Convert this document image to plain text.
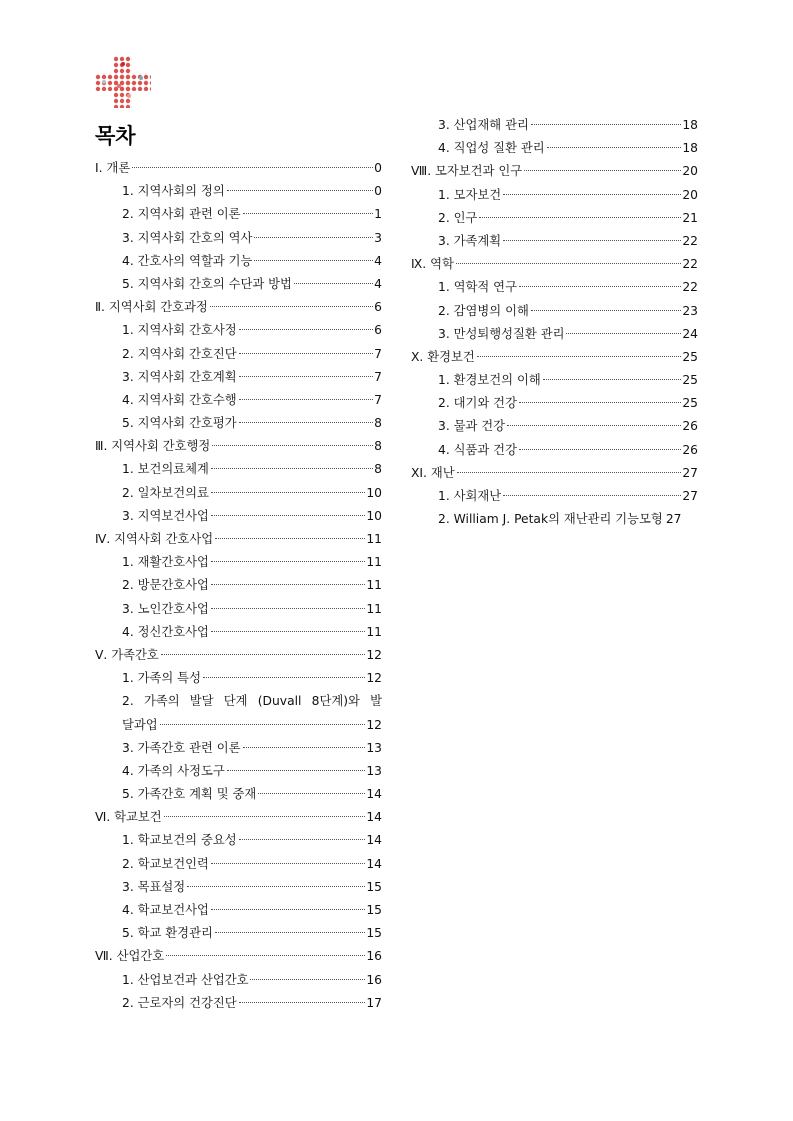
목차
Ⅰ. 개론	0
1. 지역사회의 정의	0
2. 지역사회 관련 이론	1
3. 지역사회 간호의 역사	3
4. 간호사의 역할과 기능	4
5. 지역사회 간호의 수단과 방법	4
Ⅱ. 지역사회 간호과정	6
1. 지역사회 간호사정	6
2. 지역사회 간호진단	7
3. 지역사회 간호계획	7
4. 지역사회 간호수행	7
5. 지역사회 간호평가	8
Ⅲ. 지역사회 간호행정	8
1. 보건의료체계	8
2. 일차보건의료	10
3. 지역보건사업	10
Ⅳ. 지역사회 간호사업	11
1. 재활간호사업	11
2. 방문간호사업	11
3. 노인간호사업	11
4. 정신간호사업	11
Ⅴ. 가족간호	12
1. 가족의 특성	12
2. 가족의 발달 단계 (Duvall 8단계)와 발
달과업	12
3. 가족간호 관련 이론	13
4. 가족의 사정도구	13
5. 가족간호 계획 및 중재	14
Ⅵ. 학교보건	14
1. 학교보건의 중요성	14
2. 학교보건인력	14
3. 목표설정	15
4. 학교보건사업	15
5. 학교 환경관리	15
Ⅶ. 산업간호	16
1. 산업보건과 산업간호	16
2. 근로자의 건강진단	17
3. 산업재해 관리	18
4. 직업성 질환 관리	18
Ⅷ. 모자보건과 인구	20
1. 모자보건	20
2. 인구	21
3. 가족계획	22
Ⅸ. 역학	22
1. 역학적 연구	22
2. 감염병의 이해	23
3. 만성퇴행성질환 관리	24
Ⅹ. 환경보건	25
1. 환경보건의 이해	25
2. 대기와 건강	25
3. 물과 건강	26
4. 식품과 건강	26
ⅩⅠ. 재난	27
1. 사회재난	27
2. William J. Petak의 재난관리 기능모형 27
